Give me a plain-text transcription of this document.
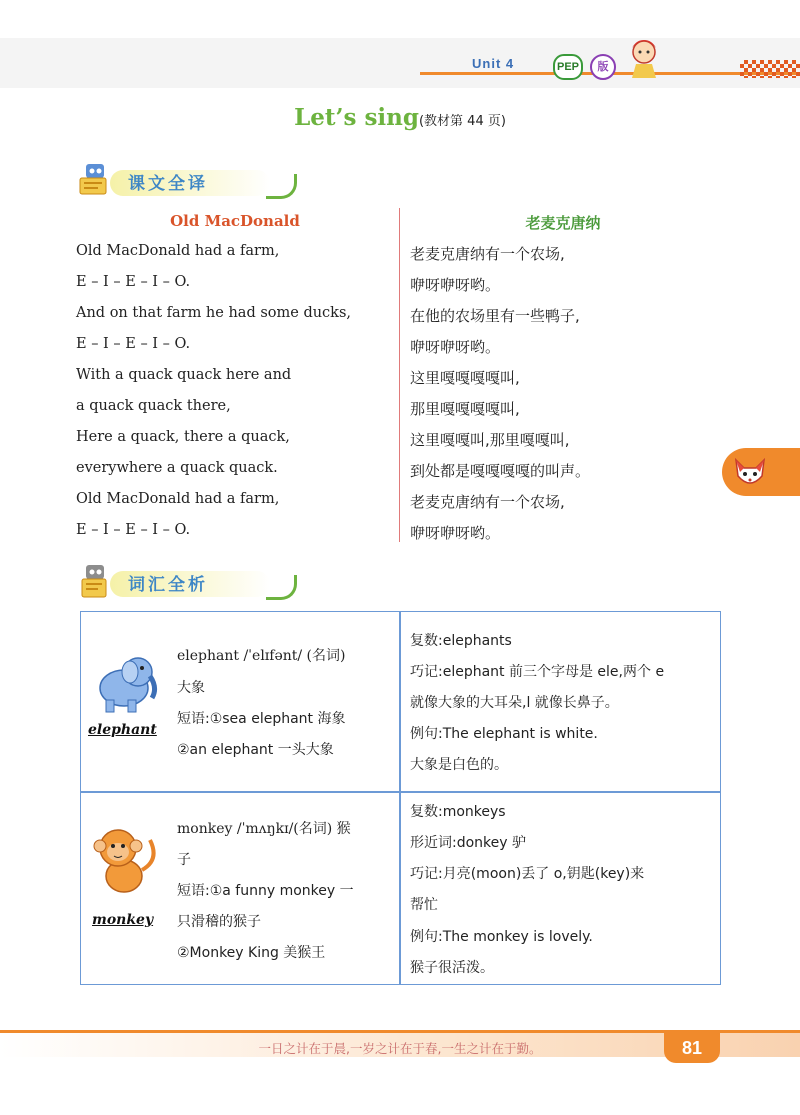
Unit 4	PEP	版
Let’s sing(教材第 44 页)
课文全译
Old MacDonald	老麦克唐纳
Old MacDonald had a farm,
E – I – E – I – O.
And on that farm he had some ducks,
E – I – E – I – O.
With a quack quack here and
a quack quack there,
Here a quack, there a quack,
everywhere a quack quack.
Old MacDonald had a farm,
E – I – E – I – O.
老麦克唐纳有一个农场,
咿呀咿呀哟。
在他的农场里有一些鸭子,
咿呀咿呀哟。
这里嘎嘎嘎嘎叫,
那里嘎嘎嘎嘎叫,
这里嘎嘎叫,那里嘎嘎叫,
到处都是嘎嘎嘎嘎的叫声。
老麦克唐纳有一个农场,
咿呀咿呀哟。
词汇全析
elephant
elephant /ˈelɪfənt/ (名词)
大象
短语:①sea elephant 海象
②an elephant 一头大象
复数:elephants
巧记:elephant 前三个字母是 ele,两个 e
就像大象的大耳朵,l 就像长鼻子。
例句:The elephant is white.
大象是白色的。
monkey
monkey /ˈmʌŋkɪ/(名词) 猴
子
短语:①a funny monkey 一
只滑稽的猴子
②Monkey King 美猴王
复数:monkeys
形近词:donkey 驴
巧记:月亮(moon)丢了 o,钥匙(key)来
帮忙
例句:The monkey is lovely.
猴子很活泼。
一日之计在于晨,一岁之计在于春,一生之计在于勤。	81
